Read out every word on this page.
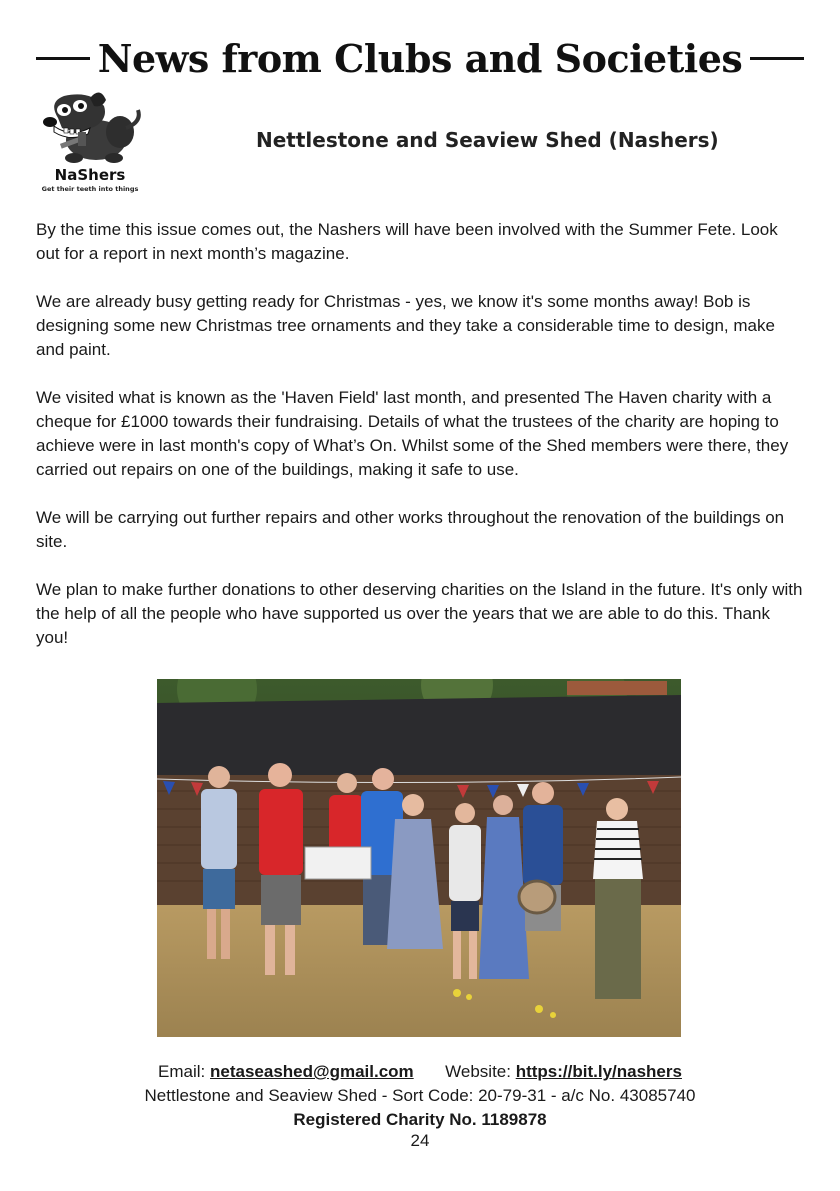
News from Clubs and Societies
NaShers
Get their teeth into things
Nettlestone and Seaview Shed (Nashers)

By the time this issue comes out, the Nashers will have been involved with the Summer Fete. Look out for a report in next month’s magazine.

We are already busy getting ready for Christmas - yes, we know it's some months away! Bob is designing some new Christmas tree ornaments and they take a considerable time to design, make and paint.

We visited what is known as the 'Haven Field' last month, and presented The Haven charity with a cheque for £1000 towards their fundraising. Details of what the trustees of the charity are hoping to achieve were in last month's copy of What’s On. Whilst some of the Shed members were there, they carried out repairs on one of the buildings, making it safe to use.

We will be carrying out further repairs and other works throughout the renovation of the buildings on site.

We plan to make further donations to other deserving charities on the Island in the future. It's only with the help of all the people who have supported us over the years that we are able to do this. Thank you!

Email: netaseashed@gmail.com Website: https://bit.ly/nashers
Nettlestone and Seaview Shed - Sort Code: 20-79-31 - a/c No. 43085740
Registered Charity No. 1189878
24
